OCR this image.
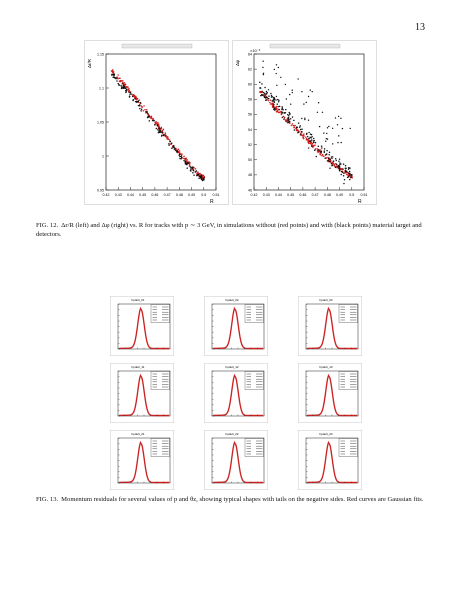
13
0.42 0.43 0.44 0.45 0.46 0.47 0.48 0.49 0.5 0.51
0.95
1
1.05
1.1
1.15
R
Δr/R
×10⁻³
0.42 0.43 0.44 0.45 0.46 0.47 0.48 0.49 0.5 0.51
46
48
50
52
54
56
58
60
62
64
R
Δφ
FIG. 12. Δr/R (left) and Δφ (right) vs. R for tracks with p ∼ 3 GeV, in simulations without (red points) and with (black points) material target and detectors.
hpdelt_01	hpdelt_02	hpdelt_03
hpdelt_11	hpdelt_12	hpdelt_13
hpdelt_21	hpdelt_22	hpdelt_23
FIG. 13. Momentum residuals for several values of p and θz, showing typical shapes with tails on the negative sides. Red curves are Gaussian fits.
